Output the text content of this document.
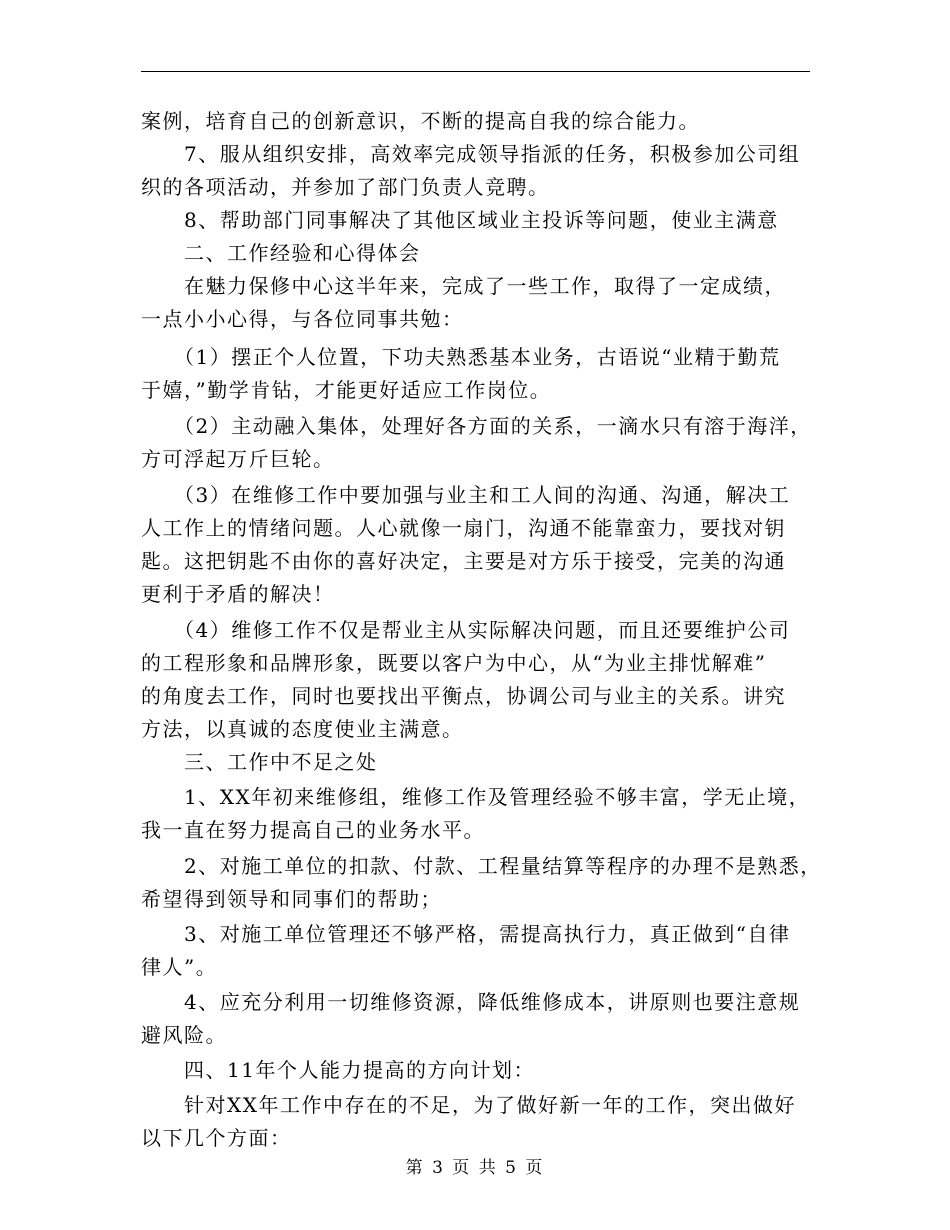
案例，培育自己的创新意识，不断的提高自我的综合能力。
　　7、服从组织安排，高效率完成领导指派的任务，积极参加公司组
织的各项活动，并参加了部门负责人竞聘。
　　8、帮助部门同事解决了其他区域业主投诉等问题，使业主满意
　　二、工作经验和心得体会
　　在魅力保修中心这半年来，完成了一些工作，取得了一定成绩，
一点小小心得，与各位同事共勉：
　　（1）摆正个人位置，下功夫熟悉基本业务，古语说“业精于勤荒
于嬉，”勤学肯钻，才能更好适应工作岗位。
　　（2）主动融入集体，处理好各方面的关系，一滴水只有溶于海洋，
方可浮起万斤巨轮。
　　（3）在维修工作中要加强与业主和工人间的沟通、沟通，解决工
人工作上的情绪问题。人心就像一扇门，沟通不能靠蛮力，要找对钥
匙。这把钥匙不由你的喜好决定，主要是对方乐于接受，完美的沟通
更利于矛盾的解决！
　　（4）维修工作不仅是帮业主从实际解决问题，而且还要维护公司
的工程形象和品牌形象，既要以客户为中心，从“为业主排忧解难”
的角度去工作，同时也要找出平衡点，协调公司与业主的关系。讲究
方法，以真诚的态度使业主满意。
　　三、工作中不足之处
　　1、XX年初来维修组，维修工作及管理经验不够丰富，学无止境，
我一直在努力提高自己的业务水平。
　　2、对施工单位的扣款、付款、工程量结算等程序的办理不是熟悉，
希望得到领导和同事们的帮助；
　　3、对施工单位管理还不够严格，需提高执行力，真正做到“自律
律人”。
　　4、应充分利用一切维修资源，降低维修成本，讲原则也要注意规
避风险。
　　四、11年个人能力提高的方向计划：
　　针对XX年工作中存在的不足，为了做好新一年的工作，突出做好
以下几个方面：
第 3 页 共 5 页
